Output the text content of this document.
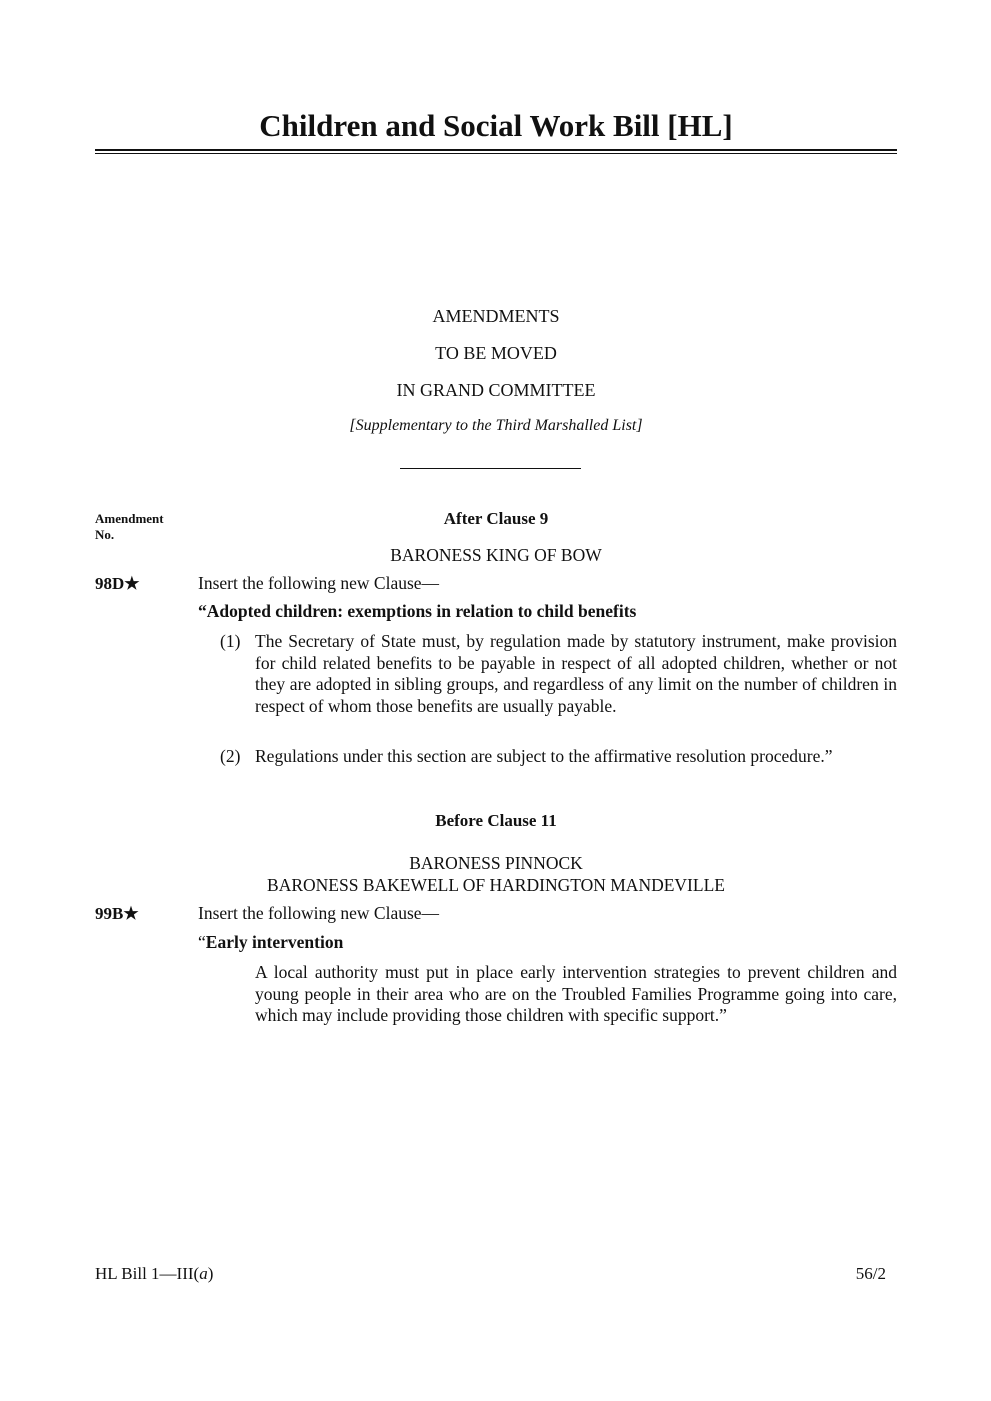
Children and Social Work Bill [HL]
AMENDMENTS
TO BE MOVED
IN GRAND COMMITTEE
[Supplementary to the Third Marshalled List]
Amendment No.
After Clause 9
BARONESS KING OF BOW
98D★	Insert the following new Clause—
“Adopted children: exemptions in relation to child benefits
(1) The Secretary of State must, by regulation made by statutory instrument, make provision for child related benefits to be payable in respect of all adopted children, whether or not they are adopted in sibling groups, and regardless of any limit on the number of children in respect of whom those benefits are usually payable.
(2) Regulations under this section are subject to the affirmative resolution procedure.”
Before Clause 11
BARONESS PINNOCK
BARONESS BAKEWELL OF HARDINGTON MANDEVILLE
99B★	Insert the following new Clause—
“Early intervention
A local authority must put in place early intervention strategies to prevent children and young people in their area who are on the Troubled Families Programme going into care, which may include providing those children with specific support.”
HL Bill 1—III(a)	56/2
